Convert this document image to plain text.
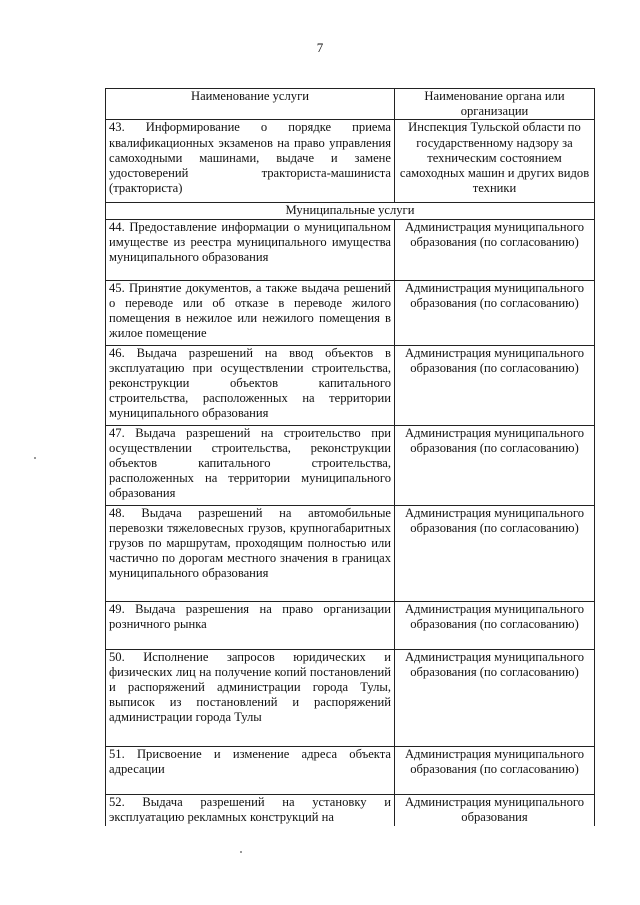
7
Наименование услуги	Наименование органа или организации
43. Информирование о порядке приема квалификационных экзаменов на право управления самоходными машинами, выдаче и замене удостоверений тракториста-машиниста (тракториста)	Инспекция Тульской области по государственному надзору за техническим состоянием самоходных машин и других видов техники
Муниципальные услуги	
44. Предоставление информации о муниципальном имуществе из реестра муниципального имущества муниципального образования	Администрация муниципального образования (по согласованию)
45. Принятие документов, а также выдача решений о переводе или об отказе в переводе жилого помещения в нежилое или нежилого помещения в жилое помещение	Администрация муниципального образования (по согласованию)
46. Выдача разрешений на ввод объектов в эксплуатацию при осуществлении строительства, реконструкции объектов капитального строительства, расположенных на территории муниципального образования	Администрация муниципального образования (по согласованию)
47. Выдача разрешений на строительство при осуществлении строительства, реконструкции объектов капитального строительства, расположенных на территории муниципального образования	Администрация муниципального образования (по согласованию)
48. Выдача разрешений на автомобильные перевозки тяжеловесных грузов, крупногабаритных грузов по маршрутам, проходящим полностью или частично по дорогам местного значения в границах муниципального образования	Администрация муниципального образования (по согласованию)
49. Выдача разрешения на право организации розничного рынка	Администрация муниципального образования (по согласованию)
50. Исполнение запросов юридических и физических лиц на получение копий постановлений и распоряжений администрации города Тулы, выписок из постановлений и распоряжений администрации города Тулы	Администрация муниципального образования (по согласованию)
51. Присвоение и изменение адреса объекта адресации	Администрация муниципального образования (по согласованию)
52. Выдача разрешений на установку и эксплуатацию рекламных конструкций на	Администрация муниципального образования
